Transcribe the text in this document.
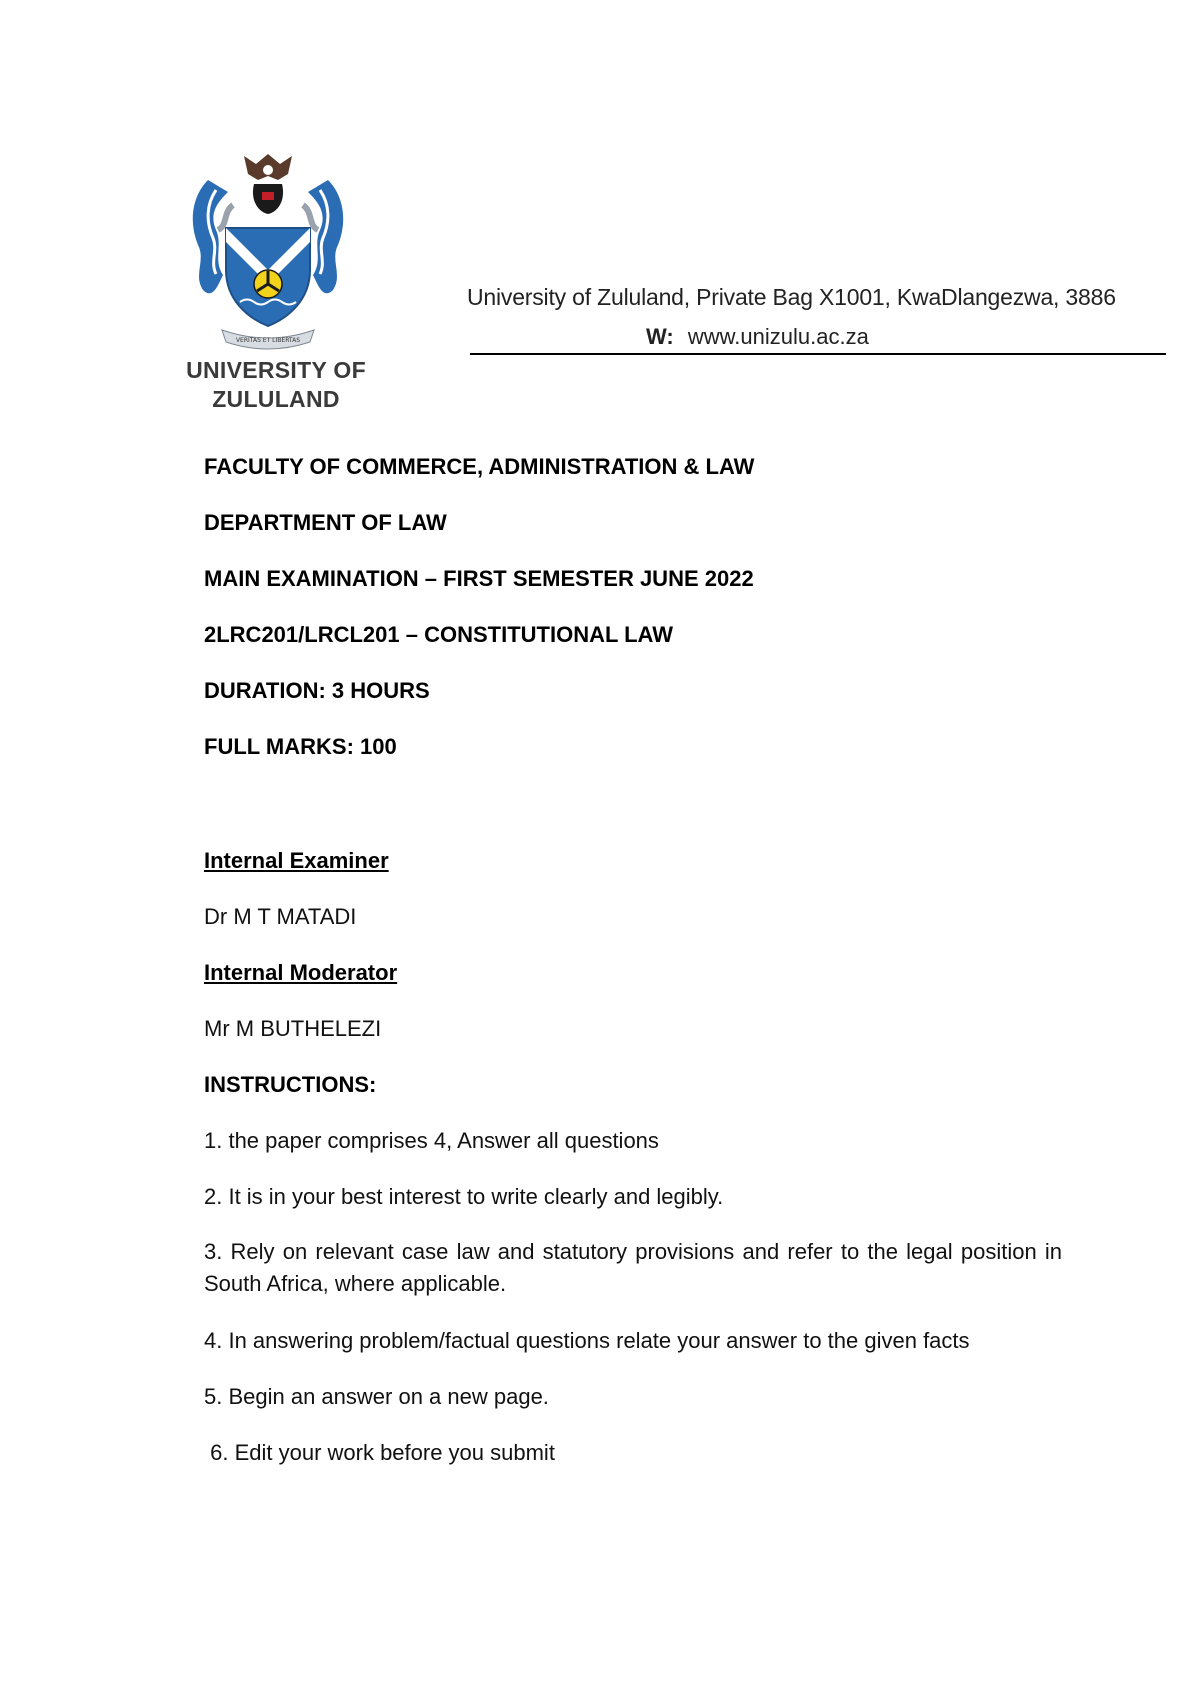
VERITAS ET LIBERTAS
UNIVERSITY OF
ZULULAND
University of Zululand, Private Bag X1001, KwaDlangezwa, 3886
W: www.unizulu.ac.za
FACULTY OF COMMERCE, ADMINISTRATION & LAW
DEPARTMENT OF LAW
MAIN EXAMINATION – FIRST SEMESTER JUNE 2022
2LRC201/LRCL201 – CONSTITUTIONAL LAW
DURATION: 3 HOURS
FULL MARKS: 100
Internal Examiner
Dr M T MATADI
Internal Moderator
Mr M BUTHELEZI
INSTRUCTIONS:
1. the paper comprises 4, Answer all questions
2. It is in your best interest to write clearly and legibly.
3. Rely on relevant case law and statutory provisions and refer to the legal position in South Africa, where applicable.
4. In answering problem/factual questions relate your answer to the given facts
5. Begin an answer on a new page.
6. Edit your work before you submit
